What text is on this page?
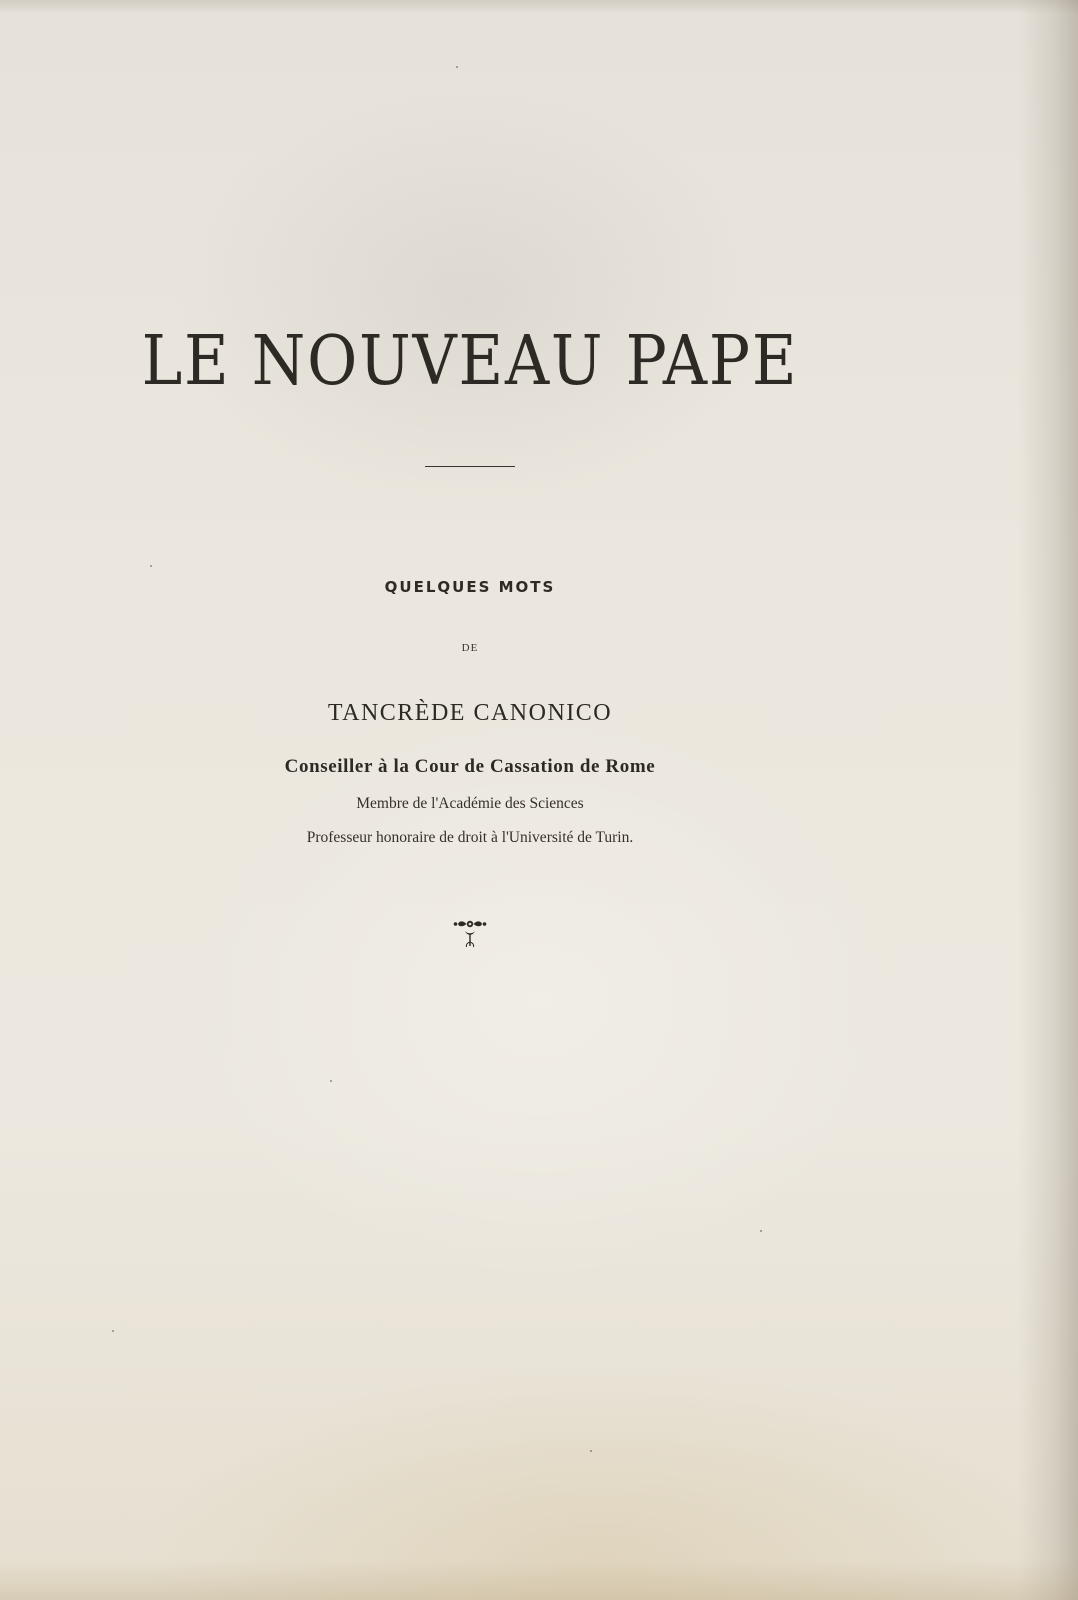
LE NOUVEAU PAPE
QUELQUES MOTS
DE
TANCRÈDE CANONICO
Conseiller à la Cour de Cassation de Rome
Membre de l'Académie des Sciences
Professeur honoraire de droit à l'Université de Turin.
